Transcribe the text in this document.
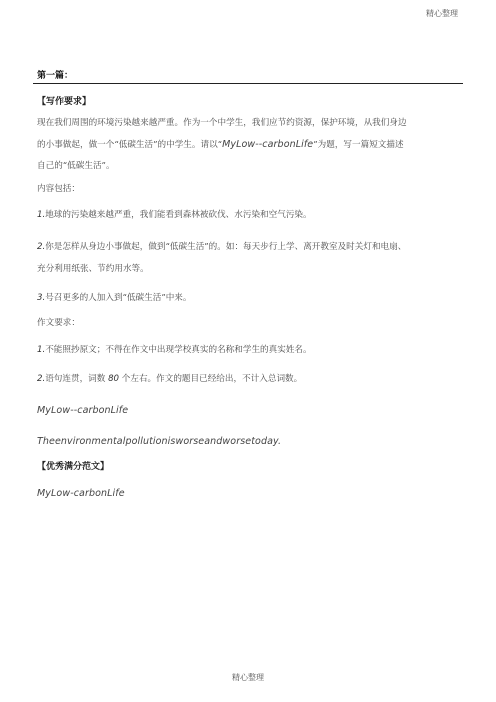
精心整理
第一篇：
【写作要求】
现在我们周围的环境污染越来越严重。作为一个中学生，我们应节约资源，保护环境，从我们身边
的小事做起，做一个“低碳生活”的中学生。请以“MyLow--carbonLife”为题，写一篇短文描述
自己的“低碳生活”。
内容包括：
1.地球的污染越来越严重，我们能看到森林被砍伐、水污染和空气污染。
2.你是怎样从身边小事做起，做到“低碳生活”的。如：每天步行上学、离开教室及时关灯和电扇、
充分利用纸张、节约用水等。
3.号召更多的人加入到“低碳生活”中来。
作文要求：
1.不能照抄原文；不得在作文中出现学校真实的名称和学生的真实姓名。
2.语句连贯，词数 80 个左右。作文的题目已经给出，不计入总词数。
MyLow--carbonLife
Theenvironmentalpollutionisworseandworsetoday.
【优秀满分范文】
MyLow-carbonLife
精心整理
